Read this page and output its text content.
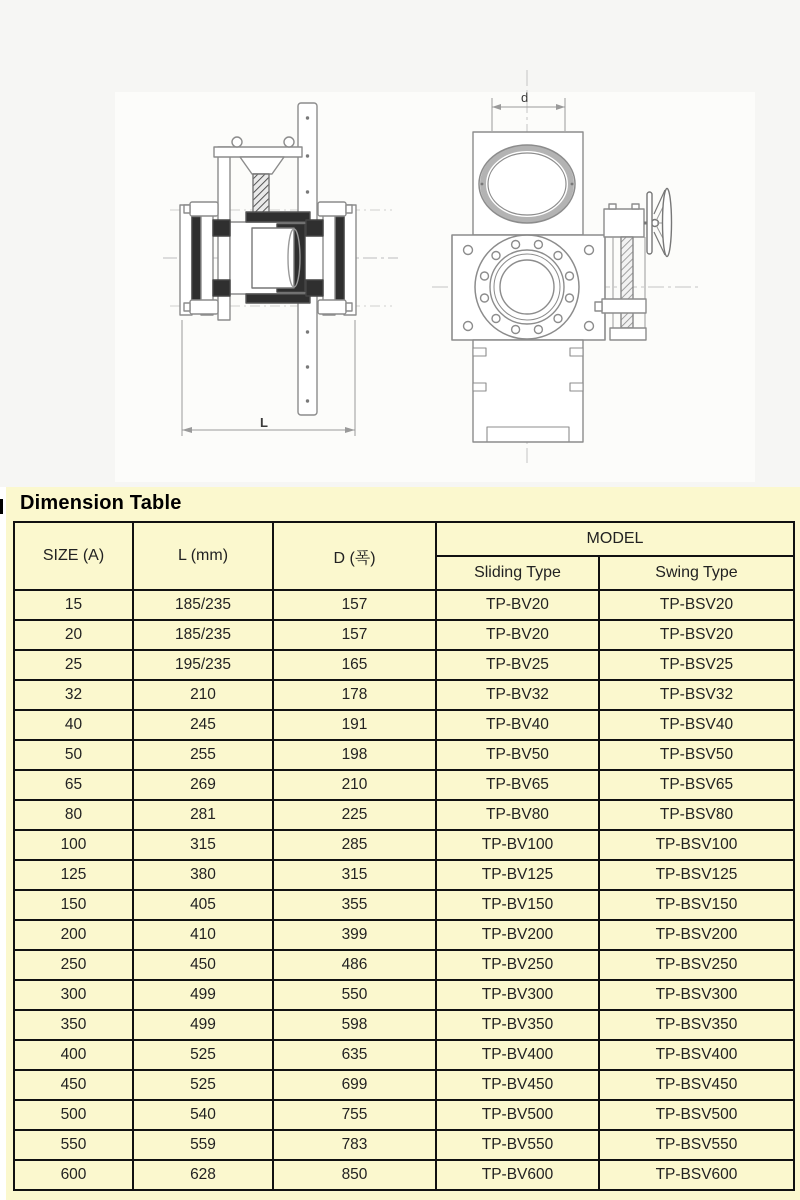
L
d
Dimension Table
SIZE (A)	L (mm)	D (폭)	MODEL	
			Sliding Type	Swing Type
15	185/235	157	TP-BV20	TP-BSV20
20	185/235	157	TP-BV20	TP-BSV20
25	195/235	165	TP-BV25	TP-BSV25
32	210	178	TP-BV32	TP-BSV32
40	245	191	TP-BV40	TP-BSV40
50	255	198	TP-BV50	TP-BSV50
65	269	210	TP-BV65	TP-BSV65
80	281	225	TP-BV80	TP-BSV80
100	315	285	TP-BV100	TP-BSV100
125	380	315	TP-BV125	TP-BSV125
150	405	355	TP-BV150	TP-BSV150
200	410	399	TP-BV200	TP-BSV200
250	450	486	TP-BV250	TP-BSV250
300	499	550	TP-BV300	TP-BSV300
350	499	598	TP-BV350	TP-BSV350
400	525	635	TP-BV400	TP-BSV400
450	525	699	TP-BV450	TP-BSV450
500	540	755	TP-BV500	TP-BSV500
550	559	783	TP-BV550	TP-BSV550
600	628	850	TP-BV600	TP-BSV600
